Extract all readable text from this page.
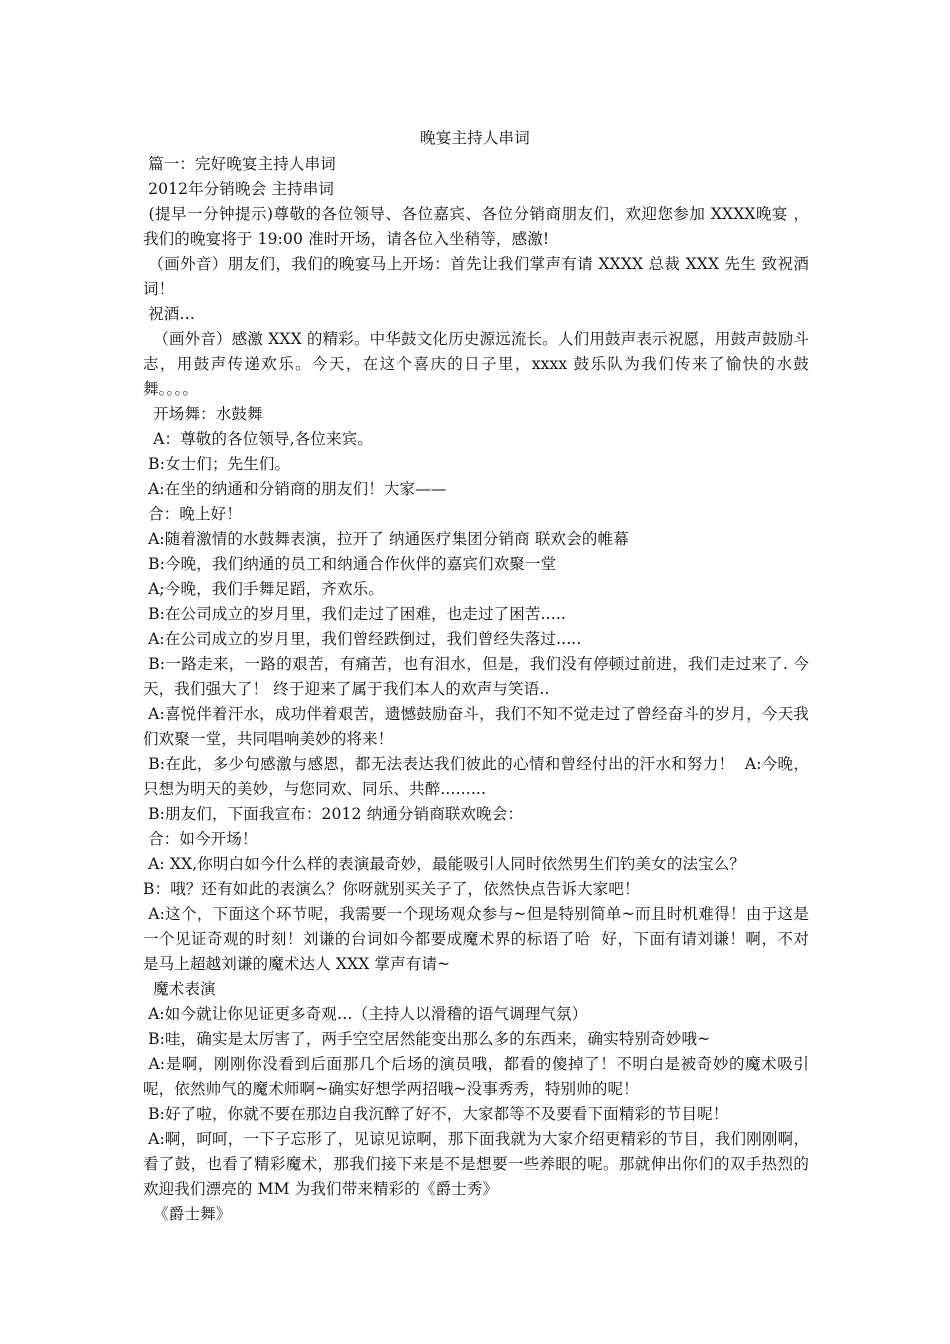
晚宴主持人串词

篇一：完好晚宴主持人串词

2012年分销晚会 主持串词

(提早一分钟提示)尊敬的各位领导、各位嘉宾、各位分销商朋友们，欢迎您参加 XXXX晚宴 ，我们的晚宴将于 19:00 准时开场，请各位入坐稍等，感激!

（画外音）朋友们，我们的晚宴马上开场：首先让我们掌声有请 XXXX 总裁 XXX 先生 致祝酒词！

祝酒…

（画外音）感激 XXX 的精彩。中华鼓文化历史源远流长。人们用鼓声表示祝愿，用鼓声鼓励斗志，用鼓声传递欢乐。今天，在这个喜庆的日子里，xxxx 鼓乐队为我们传来了愉快的水鼓舞。。。。

开场舞：水鼓舞

A：尊敬的各位领导,各位来宾。

B:女士们；先生们。

A:在坐的纳通和分销商的朋友们！大家——

合：晚上好！

A:随着激情的水鼓舞表演，拉开了 纳通医疗集团分销商 联欢会的帷幕

B:今晚，我们纳通的员工和纳通合作伙伴的嘉宾们欢聚一堂

A;今晚，我们手舞足蹈，齐欢乐。

B:在公司成立的岁月里，我们走过了困难，也走过了困苦.....

A:在公司成立的岁月里，我们曾经跌倒过，我们曾经失落过.....

B:一路走来，一路的艰苦，有痛苦，也有泪水，但是，我们没有停顿过前进，我们走过来了. 今天，我们强大了！ 终于迎来了属于我们本人的欢声与笑语..

A:喜悦伴着汗水，成功伴着艰苦，遗憾鼓励奋斗，我们不知不觉走过了曾经奋斗的岁月，今天我们欢聚一堂，共同唱响美妙的将来！

B:在此，多少句感激与感恩，都无法表达我们彼此的心情和曾经付出的汗水和努力！  A:今晚，只想为明天的美妙，与您同欢、同乐、共醉.........

B:朋友们，下面我宣布：2012 纳通分销商联欢晚会：

合：如今开场！

A: XX,你明白如今什么样的表演最奇妙，最能吸引人同时依然男生们钓美女的法宝么？

B：哦？还有如此的表演么？你呀就别买关子了，依然快点告诉大家吧！

A:这个，下面这个环节呢，我需要一个现场观众参与~但是特别简单~而且时机难得！由于这是一个见证奇观的时刻！刘谦的台词如今都要成魔术界的标语了哈  好，下面有请刘谦！啊，不对是马上超越刘谦的魔术达人 XXX 掌声有请~

魔术表演

A:如今就让你见证更多奇观…（主持人以滑稽的语气调理气氛）

B:哇，确实是太厉害了，两手空空居然能变出那么多的东西来，确实特别奇妙哦~

A:是啊，刚刚你没看到后面那几个后场的演员哦，都看的傻掉了！不明白是被奇妙的魔术吸引呢，依然帅气的魔术师啊~确实好想学两招哦~没事秀秀，特别帅的呢！

B:好了啦，你就不要在那边自我沉醉了好不，大家都等不及要看下面精彩的节目呢！

A:啊，呵呵，一下子忘形了，见谅见谅啊，那下面我就为大家介绍更精彩的节目，我们刚刚啊，看了鼓，也看了精彩魔术，那我们接下来是不是想要一些养眼的呢。那就伸出你们的双手热烈的欢迎我们漂亮的 MM 为我们带来精彩的《爵士秀》

《爵士舞》
